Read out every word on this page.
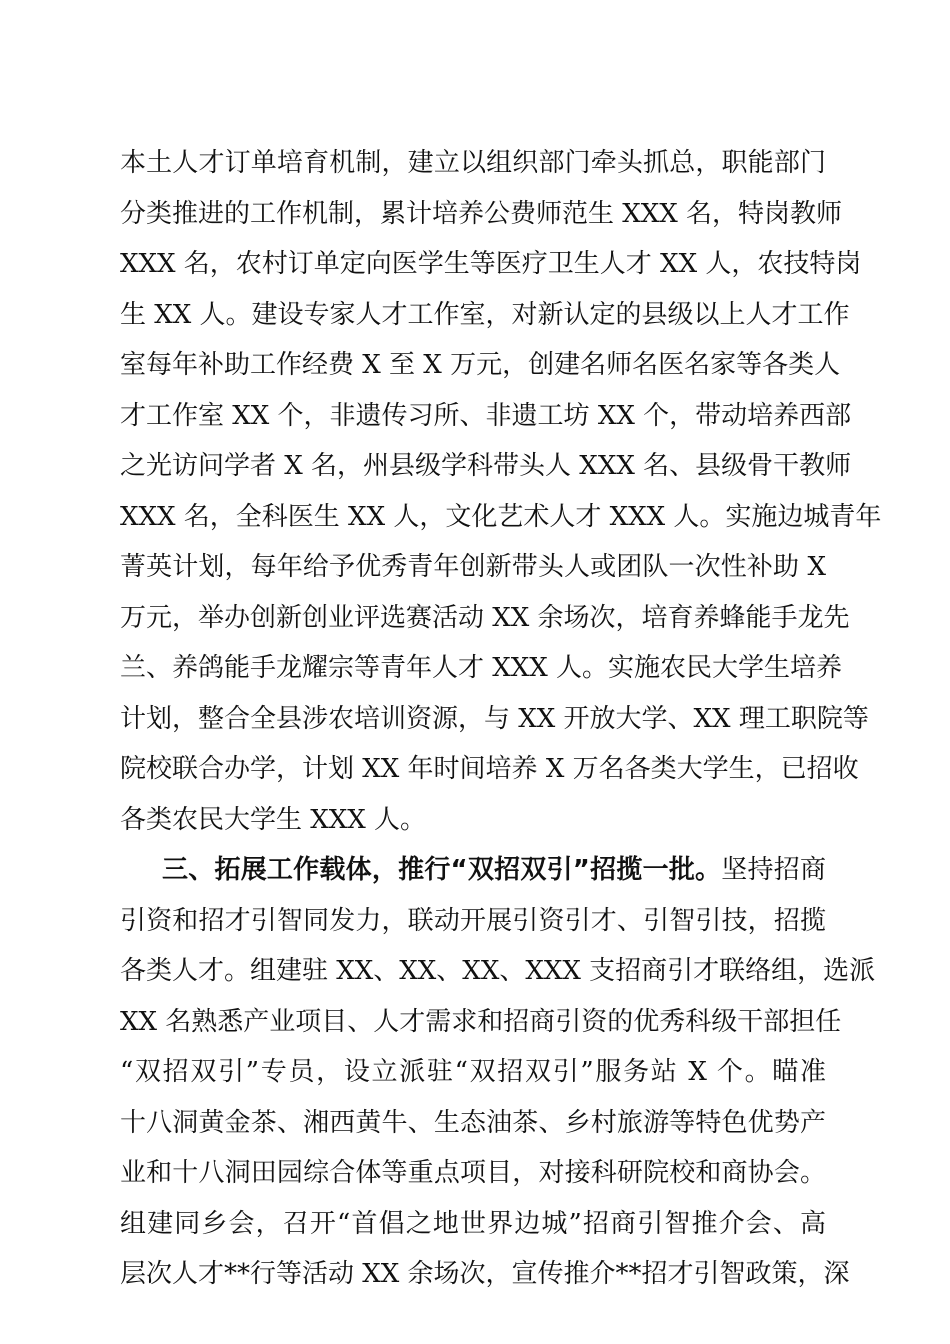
本土人才订单培育机制，建立以组织部门牵头抓总，职能部门
分类推进的工作机制，累计培养公费师范生 XXX 名，特岗教师
XXX 名，农村订单定向医学生等医疗卫生人才 XX 人，农技特岗
生 XX 人。建设专家人才工作室，对新认定的县级以上人才工作
室每年补助工作经费 X 至 X 万元，创建名师名医名家等各类人
才工作室 XX 个，非遗传习所、非遗工坊 XX 个，带动培养西部
之光访问学者 X 名，州县级学科带头人 XXX 名、县级骨干教师
XXX 名，全科医生 XX 人，文化艺术人才 XXX 人。实施边城青年
菁英计划，每年给予优秀青年创新带头人或团队一次性补助 X
万元，举办创新创业评选赛活动 XX 余场次，培育养蜂能手龙先
兰、养鸽能手龙耀宗等青年人才 XXX 人。实施农民大学生培养
计划，整合全县涉农培训资源，与 XX 开放大学、XX 理工职院等
院校联合办学，计划 XX 年时间培养 X 万名各类大学生，已招收
各类农民大学生 XXX 人。
三、拓展工作载体，推行“双招双引”招揽一批。坚持招商
引资和招才引智同发力，联动开展引资引才、引智引技，招揽
各类人才。组建驻 XX、XX、XX、XXX 支招商引才联络组，选派
XX 名熟悉产业项目、人才需求和招商引资的优秀科级干部担任
“双招双引”专员，设立派驻“双招双引”服务站 X 个。瞄准
十八洞黄金茶、湘西黄牛、生态油茶、乡村旅游等特色优势产
业和十八洞田园综合体等重点项目，对接科研院校和商协会。
组建同乡会，召开“首倡之地世界边城”招商引智推介会、高
层次人才**行等活动 XX 余场次，宣传推介**招才引智政策，深
